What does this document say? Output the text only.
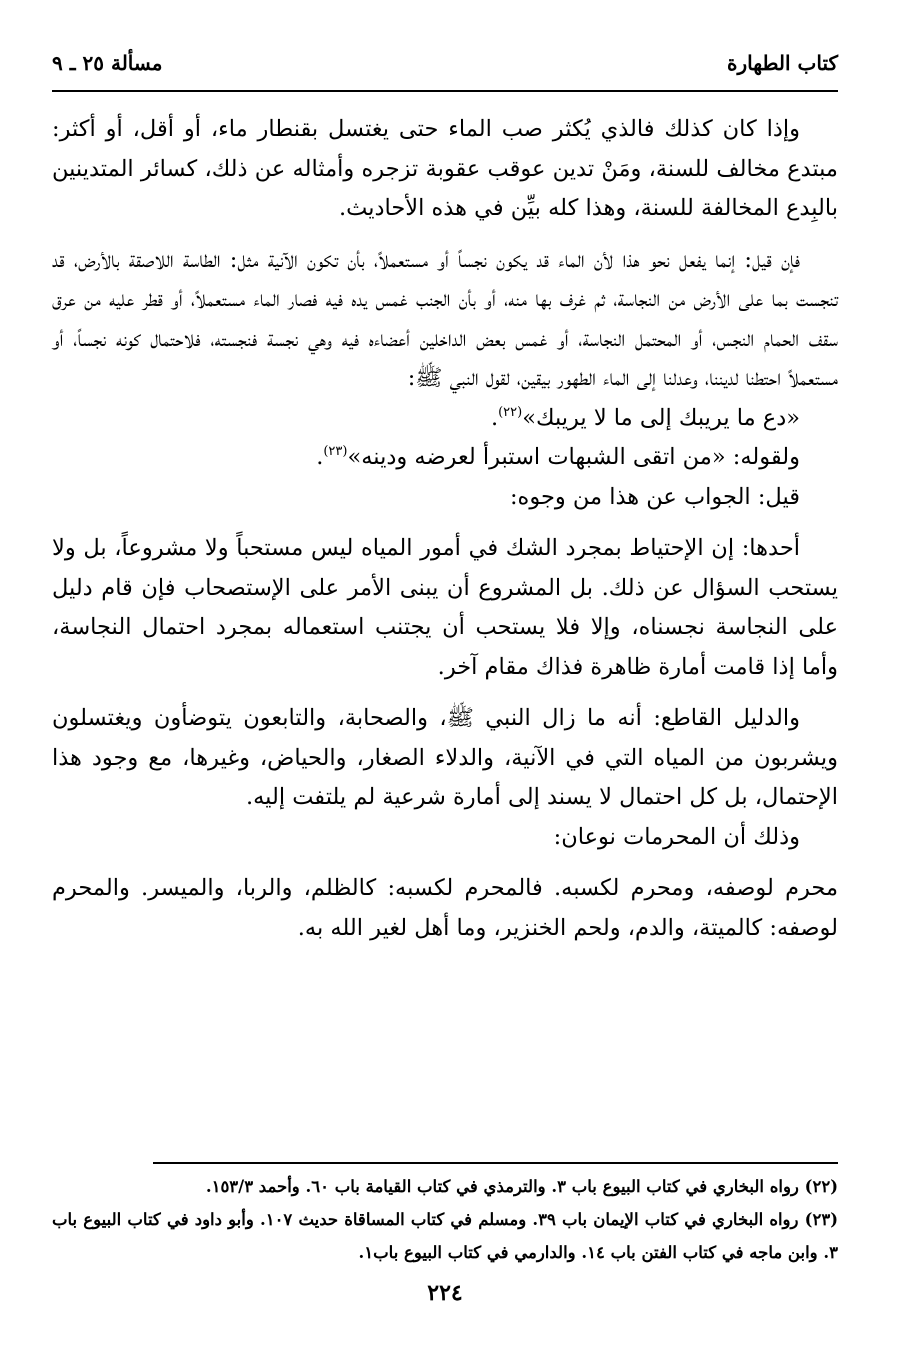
كتاب الطهارة
مسألة ٢٥ ـ ٩

وإذا كان كذلك فالذي يُكثر صب الماء حتى يغتسل بقنطار ماء، أو أقل، أو أكثر: مبتدع مخالف للسنة، ومَنْ تدين عوقب عقوبة تزجره وأمثاله عن ذلك، كسائر المتدينين بالبِدع المخالفة للسنة، وهذا كله بيِّن في هذه الأحاديث.

فإن قيل: إنما يفعل نحو هذا لأن الماء قد يكون نجساً أو مستعملاً، بأن تكون الآنية مثل: الطاسة اللاصقة بالأرض، قد تنجست بما على الأرض من النجاسة، ثم غرف بها منه، أو بأن الجنب غمس يده فيه فصار الماء مستعملاً، أو قطر عليه من عرق سقف الحمام النجس، أو المحتمل النجاسة، أو غمس بعض الداخلين أعضاءه فيه وهي نجسة فنجسته، فلاحتمال كونه نجساً، أو مستعملاً احتطنا لديننا، وعدلنا إلى الماء الطهور بيقين، لقول النبي ﷺ:

«دع ما يريبك إلى ما لا يريبك»$^{(٢٢)}$.

ولقوله: «من اتقى الشبهات استبرأ لعرضه ودينه»$^{(٢٣)}$.

قيل: الجواب عن هذا من وجوه:

أحدها: إن الإحتياط بمجرد الشك في أمور المياه ليس مستحباً ولا مشروعاً، بل ولا يستحب السؤال عن ذلك. بل المشروع أن يبنى الأمر على الإستصحاب فإن قام دليل على النجاسة نجسناه، وإلا فلا يستحب أن يجتنب استعماله بمجرد احتمال النجاسة، وأما إذا قامت أمارة ظاهرة فذاك مقام آخر.

والدليل القاطع: أنه ما زال النبي ﷺ، والصحابة، والتابعون يتوضأون ويغتسلون ويشربون من المياه التي في الآنية، والدلاء الصغار، والحياض، وغيرها، مع وجود هذا الإحتمال، بل كل احتمال لا يسند إلى أمارة شرعية لم يلتفت إليه.

وذلك أن المحرمات نوعان:

محرم لوصفه، ومحرم لكسبه. فالمحرم لكسبه: كالظلم، والربا، والميسر. والمحرم لوصفه: كالميتة، والدم، ولحم الخنزير، وما أهل لغير الله به.

(٢٢) رواه البخاري في كتاب البيوع باب ٣. والترمذي في كتاب القيامة باب ٦٠. وأحمد ١٥٣/٣.

(٢٣) رواه البخاري في كتاب الإيمان باب ٣٩. ومسلم في كتاب المساقاة حديث ١٠٧. وأبو داود في كتاب البيوع باب ٣. وابن ماجه في كتاب الفتن باب ١٤. والدارمي في كتاب البيوع باب١.

٢٢٤
